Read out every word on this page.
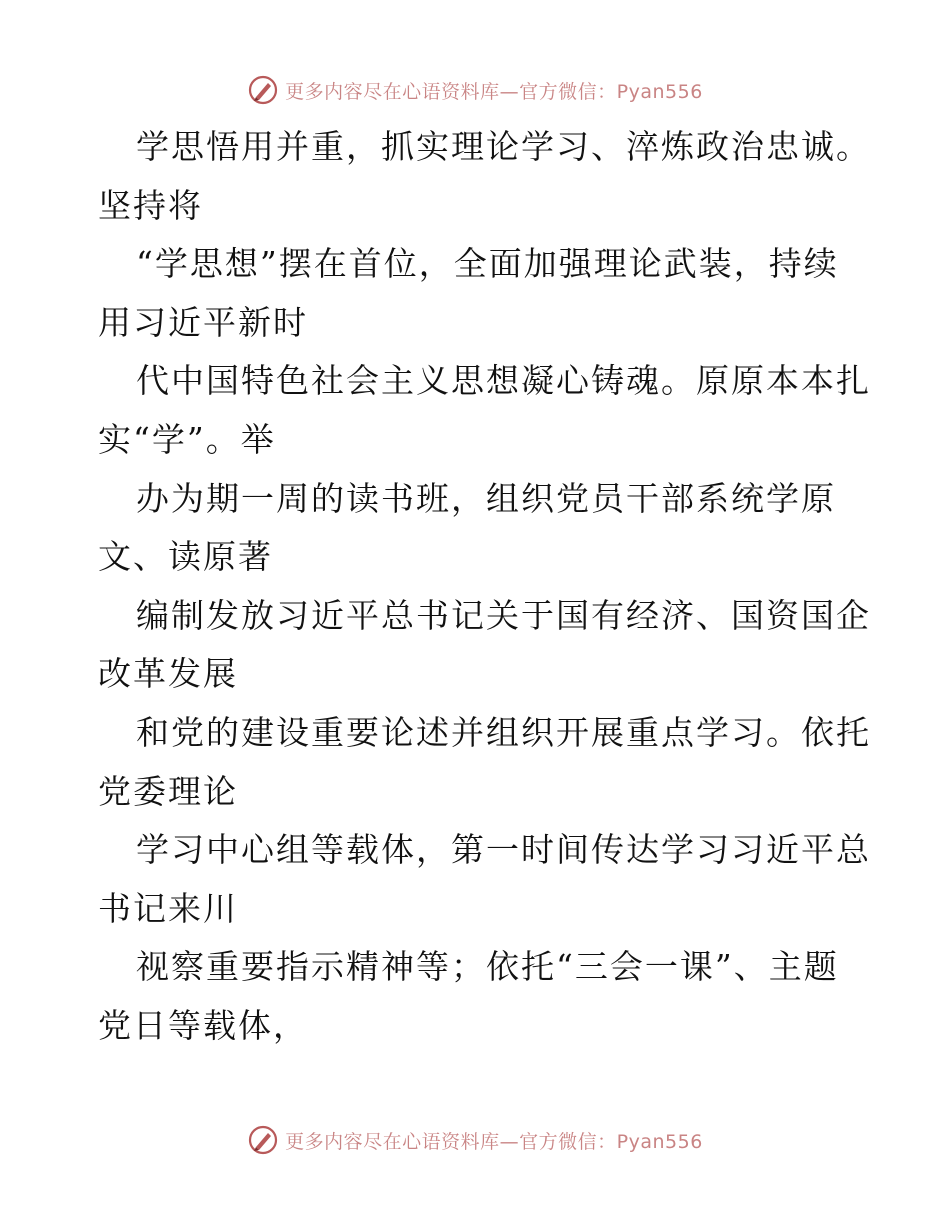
更多内容尽在心语资料库—官方微信：Pyan556
学思悟用并重，抓实理论学习、淬炼政治忠诚。
坚持将
“学思想”摆在首位，全面加强理论武装，持续
用习近平新时
代中国特色社会主义思想凝心铸魂。原原本本扎
实“学”。举
办为期一周的读书班，组织党员干部系统学原
文、读原著
编制发放习近平总书记关于国有经济、国资国企
改革发展
和党的建设重要论述并组织开展重点学习。依托
党委理论
学习中心组等载体，第一时间传达学习习近平总
书记来川
视察重要指示精神等；依托“三会一课”、主题
党日等载体，
更多内容尽在心语资料库—官方微信：Pyan556
